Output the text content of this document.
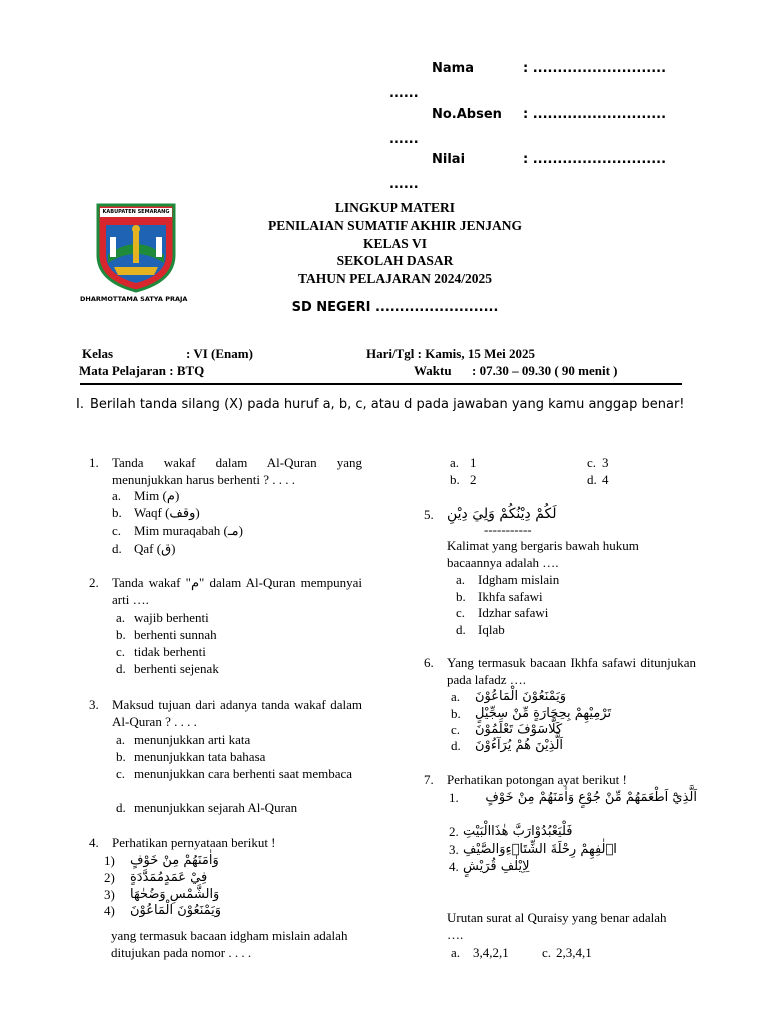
Nama	: ...........................
......
No.Absen : ...........................
......
Nilai	: ...........................
......
KABUPATEN SEMARANG
DHARMOTTAMA SATYA PRAJA
LINGKUP MATERI
PENILAIAN SUMATIF AKHIR JENJANG
KELAS VI
SEKOLAH DASAR
TAHUN PELAJARAN 2024/2025
SD NEGERI .........................
Kelas	: VI (Enam)	Hari/Tgl : Kamis, 15 Mei 2025
Mata Pelajaran : BTQ	Waktu : 07.30 – 09.30 ( 90 menit )
I. Berilah tanda silang (X) pada huruf a, b, c, atau d pada jawaban yang kamu anggap benar!
1. Tanda wakaf dalam Al-Quran yang menunjukkan harus berhenti ? . . . .
a. Mim (م)
b. Waqf (وقف)
c. Mim muraqabah (مـ)
d. Qaf (ق)
2. Tanda wakaf "م" dalam Al-Quran mempunyai arti ….
a. wajib berhenti
b. berhenti sunnah
c. tidak berhenti
d. berhenti sejenak
3. Maksud tujuan dari adanya tanda wakaf dalam Al-Quran ? . . . .
a. menunjukkan arti kata
b. menunjukkan tata bahasa
c. menunjukkan cara berhenti saat membaca
d. menunjukkan sejarah Al-Quran
4. Perhatikan pernyataan berikut !
1) وَاٰمَنَهُمْ مِنْ خَوْفٍ
2) فِيْ عَمَدٍمُمَدَّدَةٍ
3) وَالشَّمْسِ وَضُحٰهَا
4) وَيَمْنَعُوْنَ الْمَاعُوْنَ
yang termasuk bacaan idgham mislain adalah ditujukan pada nomor . . . .
a. 1
b. 2
c. 3
d. 4
5. لَكُمْ دِيْنُكُمْ وَلِيَ دِيْنِ
-----------
Kalimat yang bergaris bawah hukum bacaannya adalah ….
a. Idgham mislain
b. Ikhfa safawi
c. Idzhar safawi
d. Iqlab
6. Yang termasuk bacaan Ikhfa safawi ditunjukan pada lafadz ….
a. وَيَمْنَعُوْنَ الْمَاعُوْنَ
b. تَرْمِيْهِمْ بِحِجَارَةٍ مِّنْ سِجِّيْلٍ
c. كَلَّاسَوْفَ تَعْلَمُوْنَ
d. اَلَّذِيْنَ هُمْ يُرَآءُوْنَ
7. Perhatikan potongan ayat berikut !
1.	اَلَّذِيْٓ اَطْعَمَهُمْ مِّنْ جُوْعٍ وَاٰمَنَهُمْ مِنْ خَوْفٍ
2. فَلْيَعْبُدُوْارَبَّ هٰذَاالْبَيْتِ
3. اٖلٰفِهِمْ رِحْلَةَ الشِّتَاۤءِوَالصَّيْفِ
4. لِاِيْلٰفِ قُرَيْشٍ
Urutan surat al Quraisy yang benar adalah ….
a. 3,4,2,1	c. 2,3,4,1
